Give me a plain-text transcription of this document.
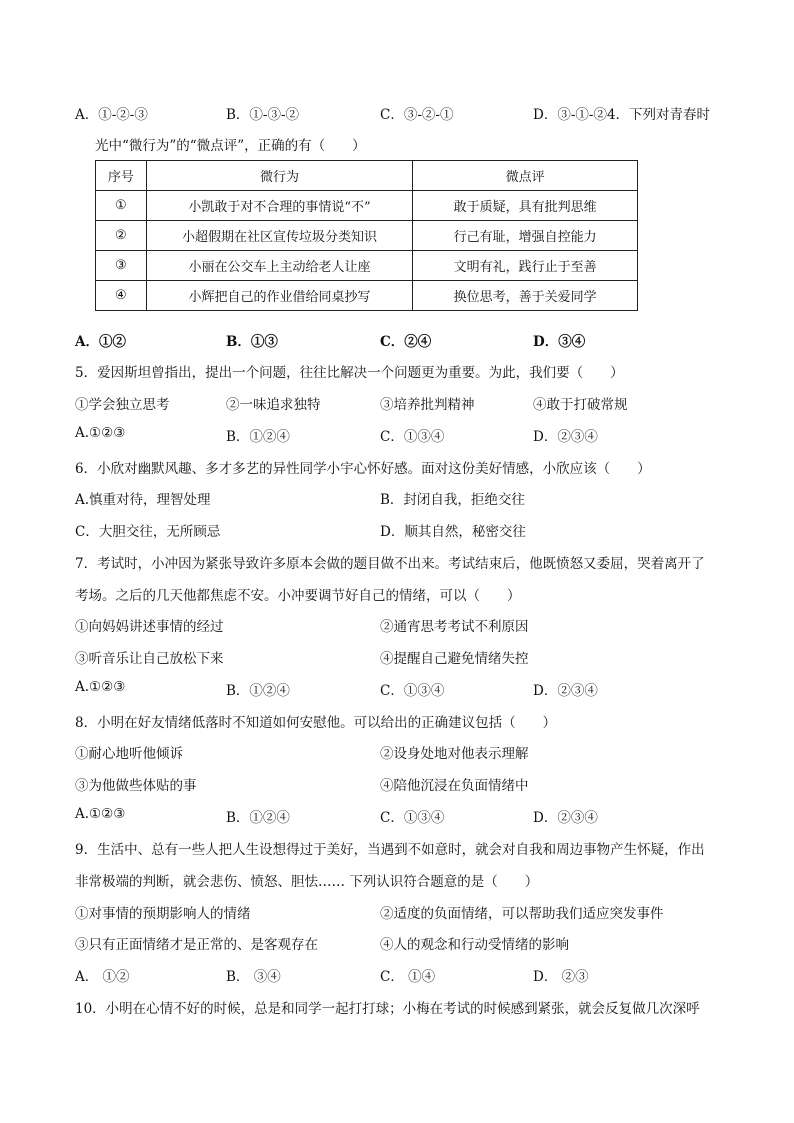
A．①-②-③	B．①-③-②	C．③-②-①	D．③-①-②4．下列对青春时
光中“微行为”的“微点评”，正确的有（　　）
序号	微行为	微点评
①	小凯敢于对不合理的事情说“不”	敢于质疑，具有批判思维
②	小超假期在社区宣传垃圾分类知识	行己有耻，增强自控能力
③	小丽在公交车上主动给老人让座	文明有礼，践行止于至善
④	小辉把自己的作业借给同桌抄写	换位思考，善于关爱同学
A．①②	B．①③	C．②④	D．③④
5．爱因斯坦曾指出，提出一个问题，往往比解决一个问题更为重要。为此，我们要（　　）
①学会独立思考	②一味追求独特	③培养批判精神	④敢于打破常规
A.①②③	B．①②④	C．①③④	D．②③④
6．小欣对幽默风趣、多才多艺的异性同学小宇心怀好感。面对这份美好情感，小欣应该（　　）
A.慎重对待，理智处理	B．封闭自我，拒绝交往
C．大胆交往，无所顾忌	D．顺其自然，秘密交往
7．考试时，小冲因为紧张导致许多原本会做的题目做不出来。考试结束后，他既愤怒又委屈，哭着离开了
考场。之后的几天他都焦虑不安。小冲要调节好自己的情绪，可以（　　）
①向妈妈讲述事情的经过	②通宵思考考试不利原因
③听音乐让自己放松下来	④提醒自己避免情绪失控
A.①②③	B．①②④	C．①③④	D．②③④
8．小明在好友情绪低落时不知道如何安慰他。可以给出的正确建议包括（　　）
①耐心地听他倾诉	②设身处地对他表示理解
③为他做些体贴的事	④陪他沉浸在负面情绪中
A.①②③	B．①②④	C．①③④	D．②③④
9．生活中、总有一些人把人生设想得过于美好，当遇到不如意时，就会对自我和周边事物产生怀疑，作出
非常极端的判断，就会悲伤、愤怒、胆怯…… 下列认识符合题意的是（　　）
①对事情的预期影响人的情绪	②适度的负面情绪，可以帮助我们适应突发事件
③只有正面情绪才是正常的、是客观存在	④人的观念和行动受情绪的影响
A． ①②	B． ③④	C． ①④	D． ②③
10．小明在心情不好的时候，总是和同学一起打打球；小梅在考试的时候感到紧张，就会反复做几次深呼
